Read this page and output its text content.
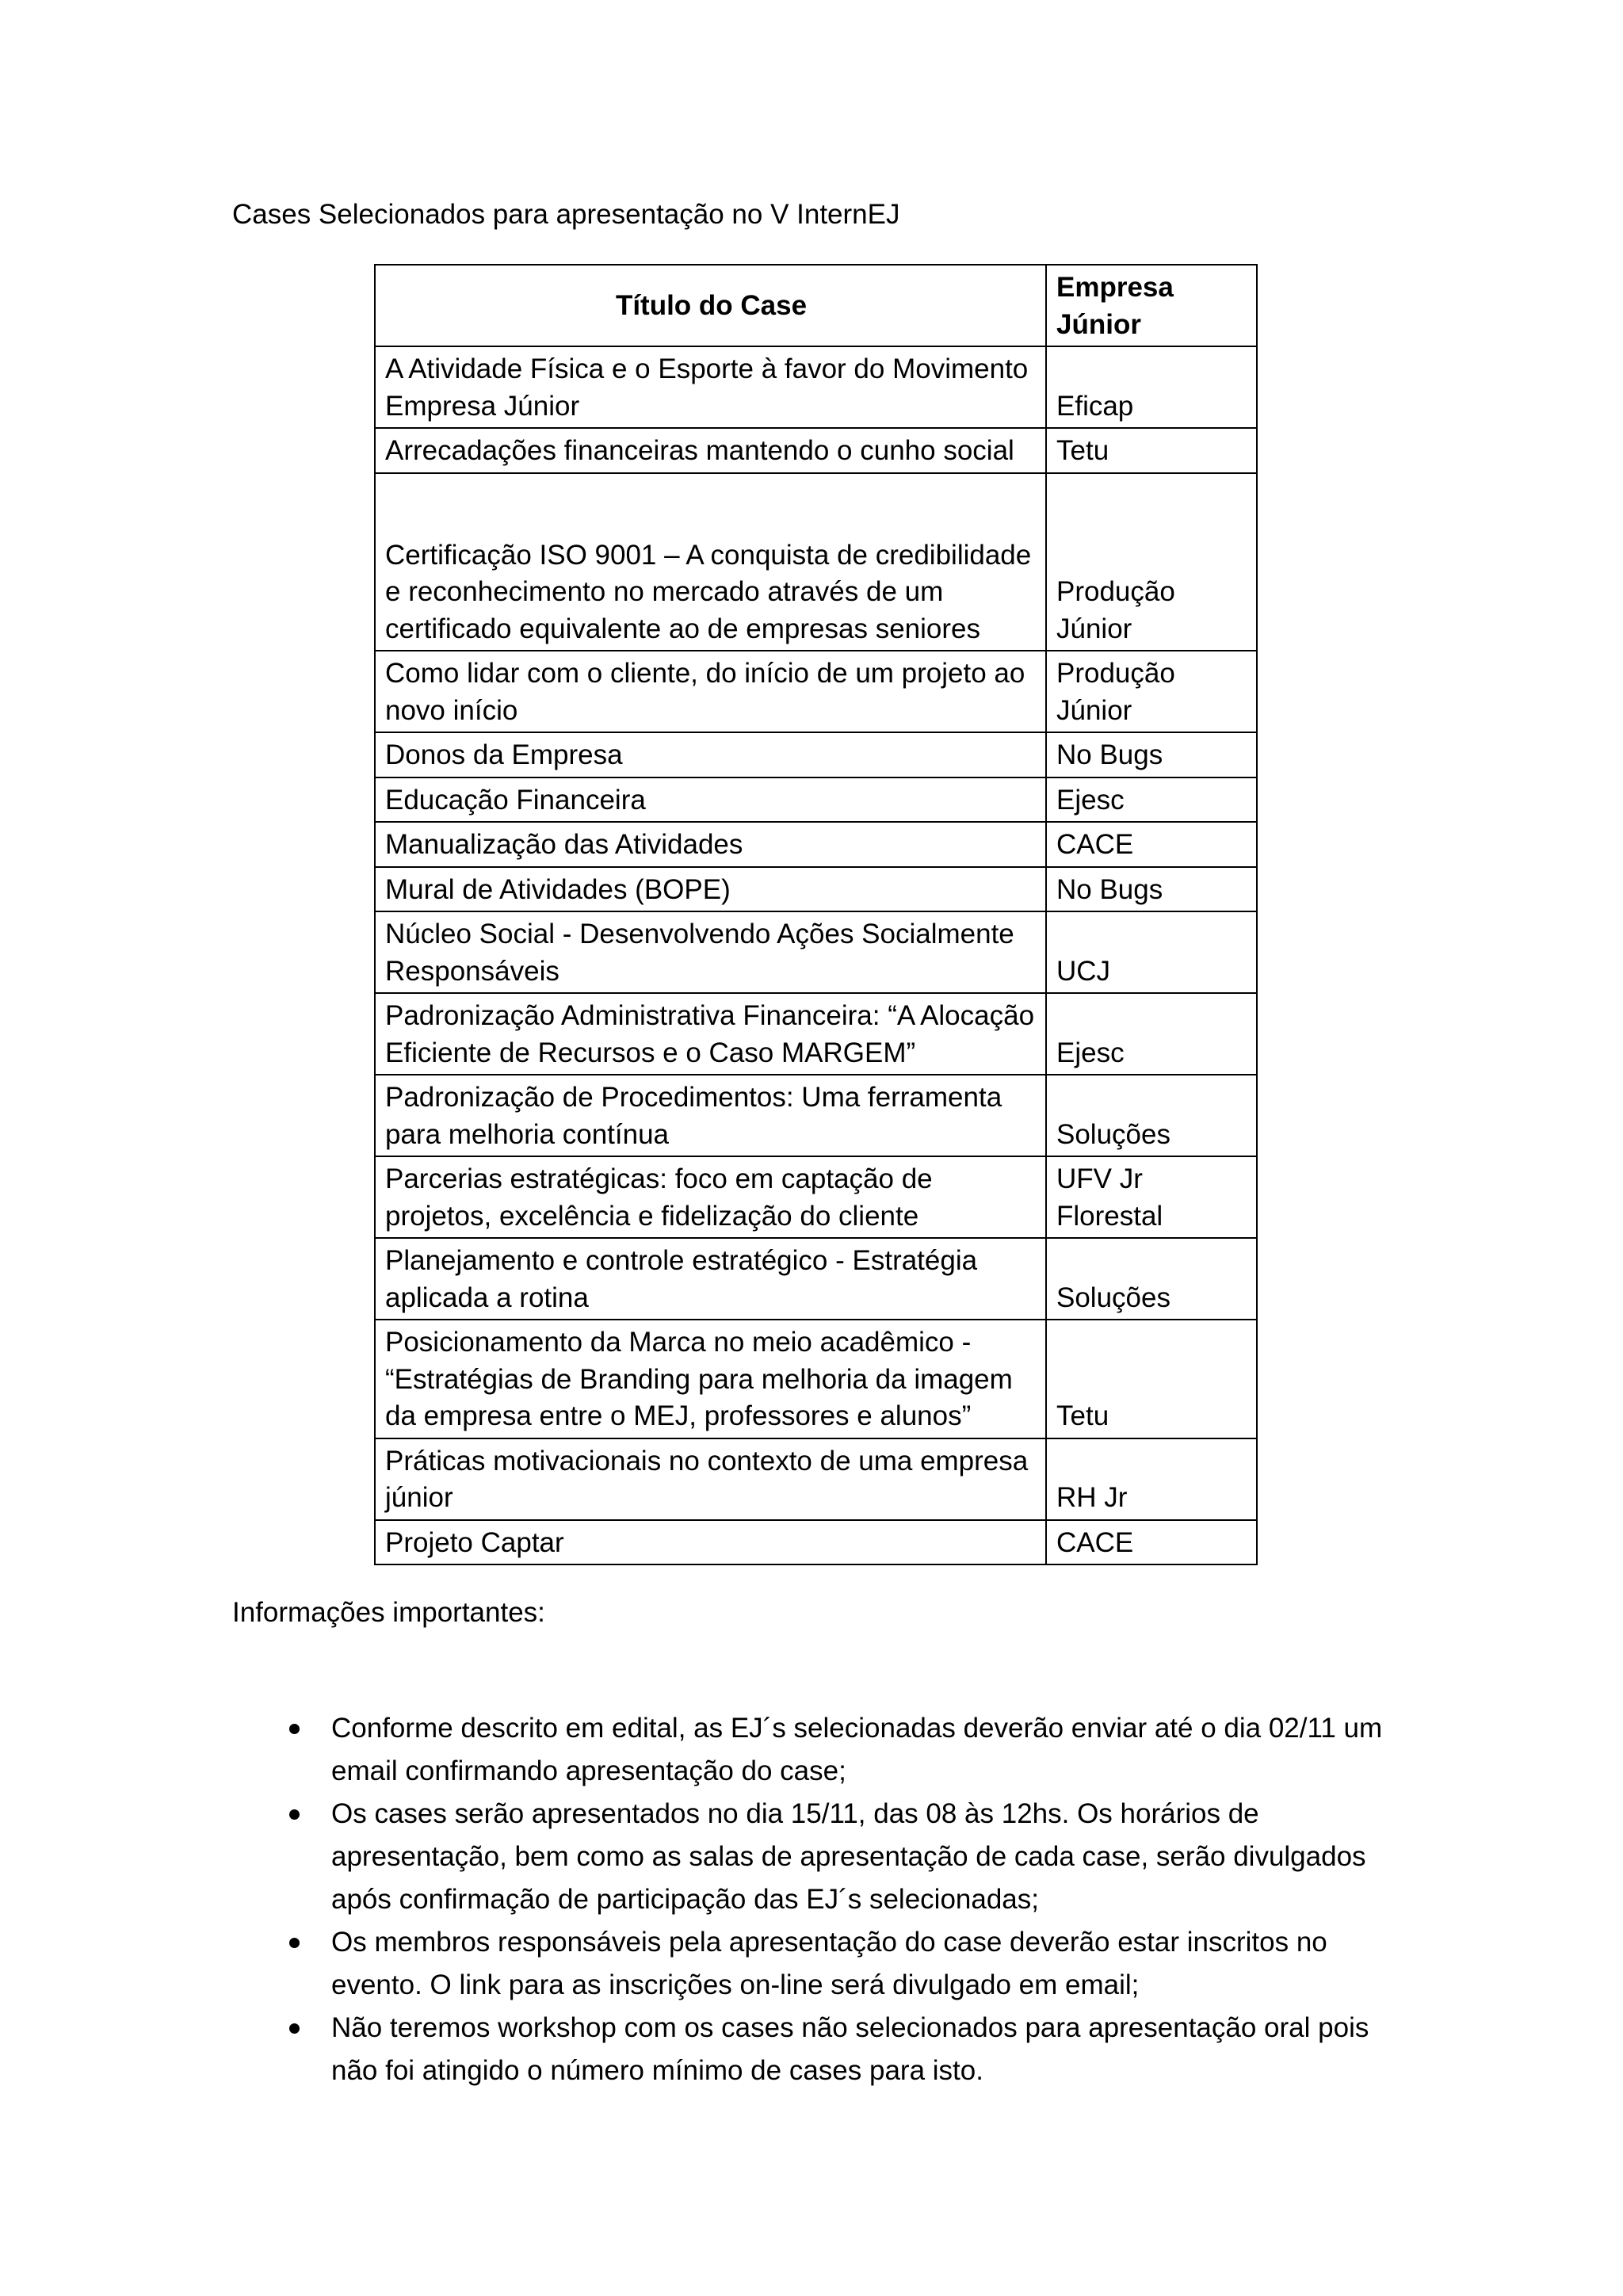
Cases Selecionados para apresentação no V InternEJ

Título do Case	Empresa Júnior
A Atividade Física e o Esporte à favor do Movimento Empresa Júnior	Eficap
Arrecadações financeiras mantendo o cunho social	Tetu
Certificação ISO 9001 – A conquista de credibilidade e reconhecimento no mercado através de um certificado equivalente ao de empresas seniores	Produção Júnior
Como lidar com o cliente, do início de um projeto ao novo início	Produção Júnior
Donos da Empresa	No Bugs
Educação Financeira	Ejesc
Manualização das Atividades	CACE
Mural de Atividades (BOPE)	No Bugs
Núcleo Social - Desenvolvendo Ações Socialmente Responsáveis	UCJ
Padronização Administrativa Financeira: “A Alocação Eficiente de Recursos e o Caso MARGEM”	Ejesc
Padronização de Procedimentos: Uma ferramenta para melhoria contínua	Soluções
Parcerias estratégicas: foco em captação de projetos, excelência e fidelização do cliente	UFV Jr Florestal
Planejamento e controle estratégico - Estratégia aplicada a rotina	Soluções
Posicionamento da Marca no meio acadêmico - “Estratégias de Branding para melhoria da imagem da empresa entre o MEJ, professores e alunos”	Tetu
Práticas motivacionais no contexto de uma empresa júnior	RH Jr
Projeto Captar	CACE

Informações importantes:

Conforme descrito em edital, as EJ´s selecionadas deverão enviar até o dia 02/11 um email confirmando apresentação do case;
Os cases serão apresentados no dia 15/11, das 08 às 12hs. Os horários de apresentação, bem como as salas de apresentação de cada case, serão divulgados após confirmação de participação das EJ´s selecionadas;
Os membros responsáveis pela apresentação do case deverão estar inscritos no evento. O link para as inscrições on-line será divulgado em email;
Não teremos workshop com os cases não selecionados para apresentação oral pois não foi atingido o número mínimo de cases para isto.
